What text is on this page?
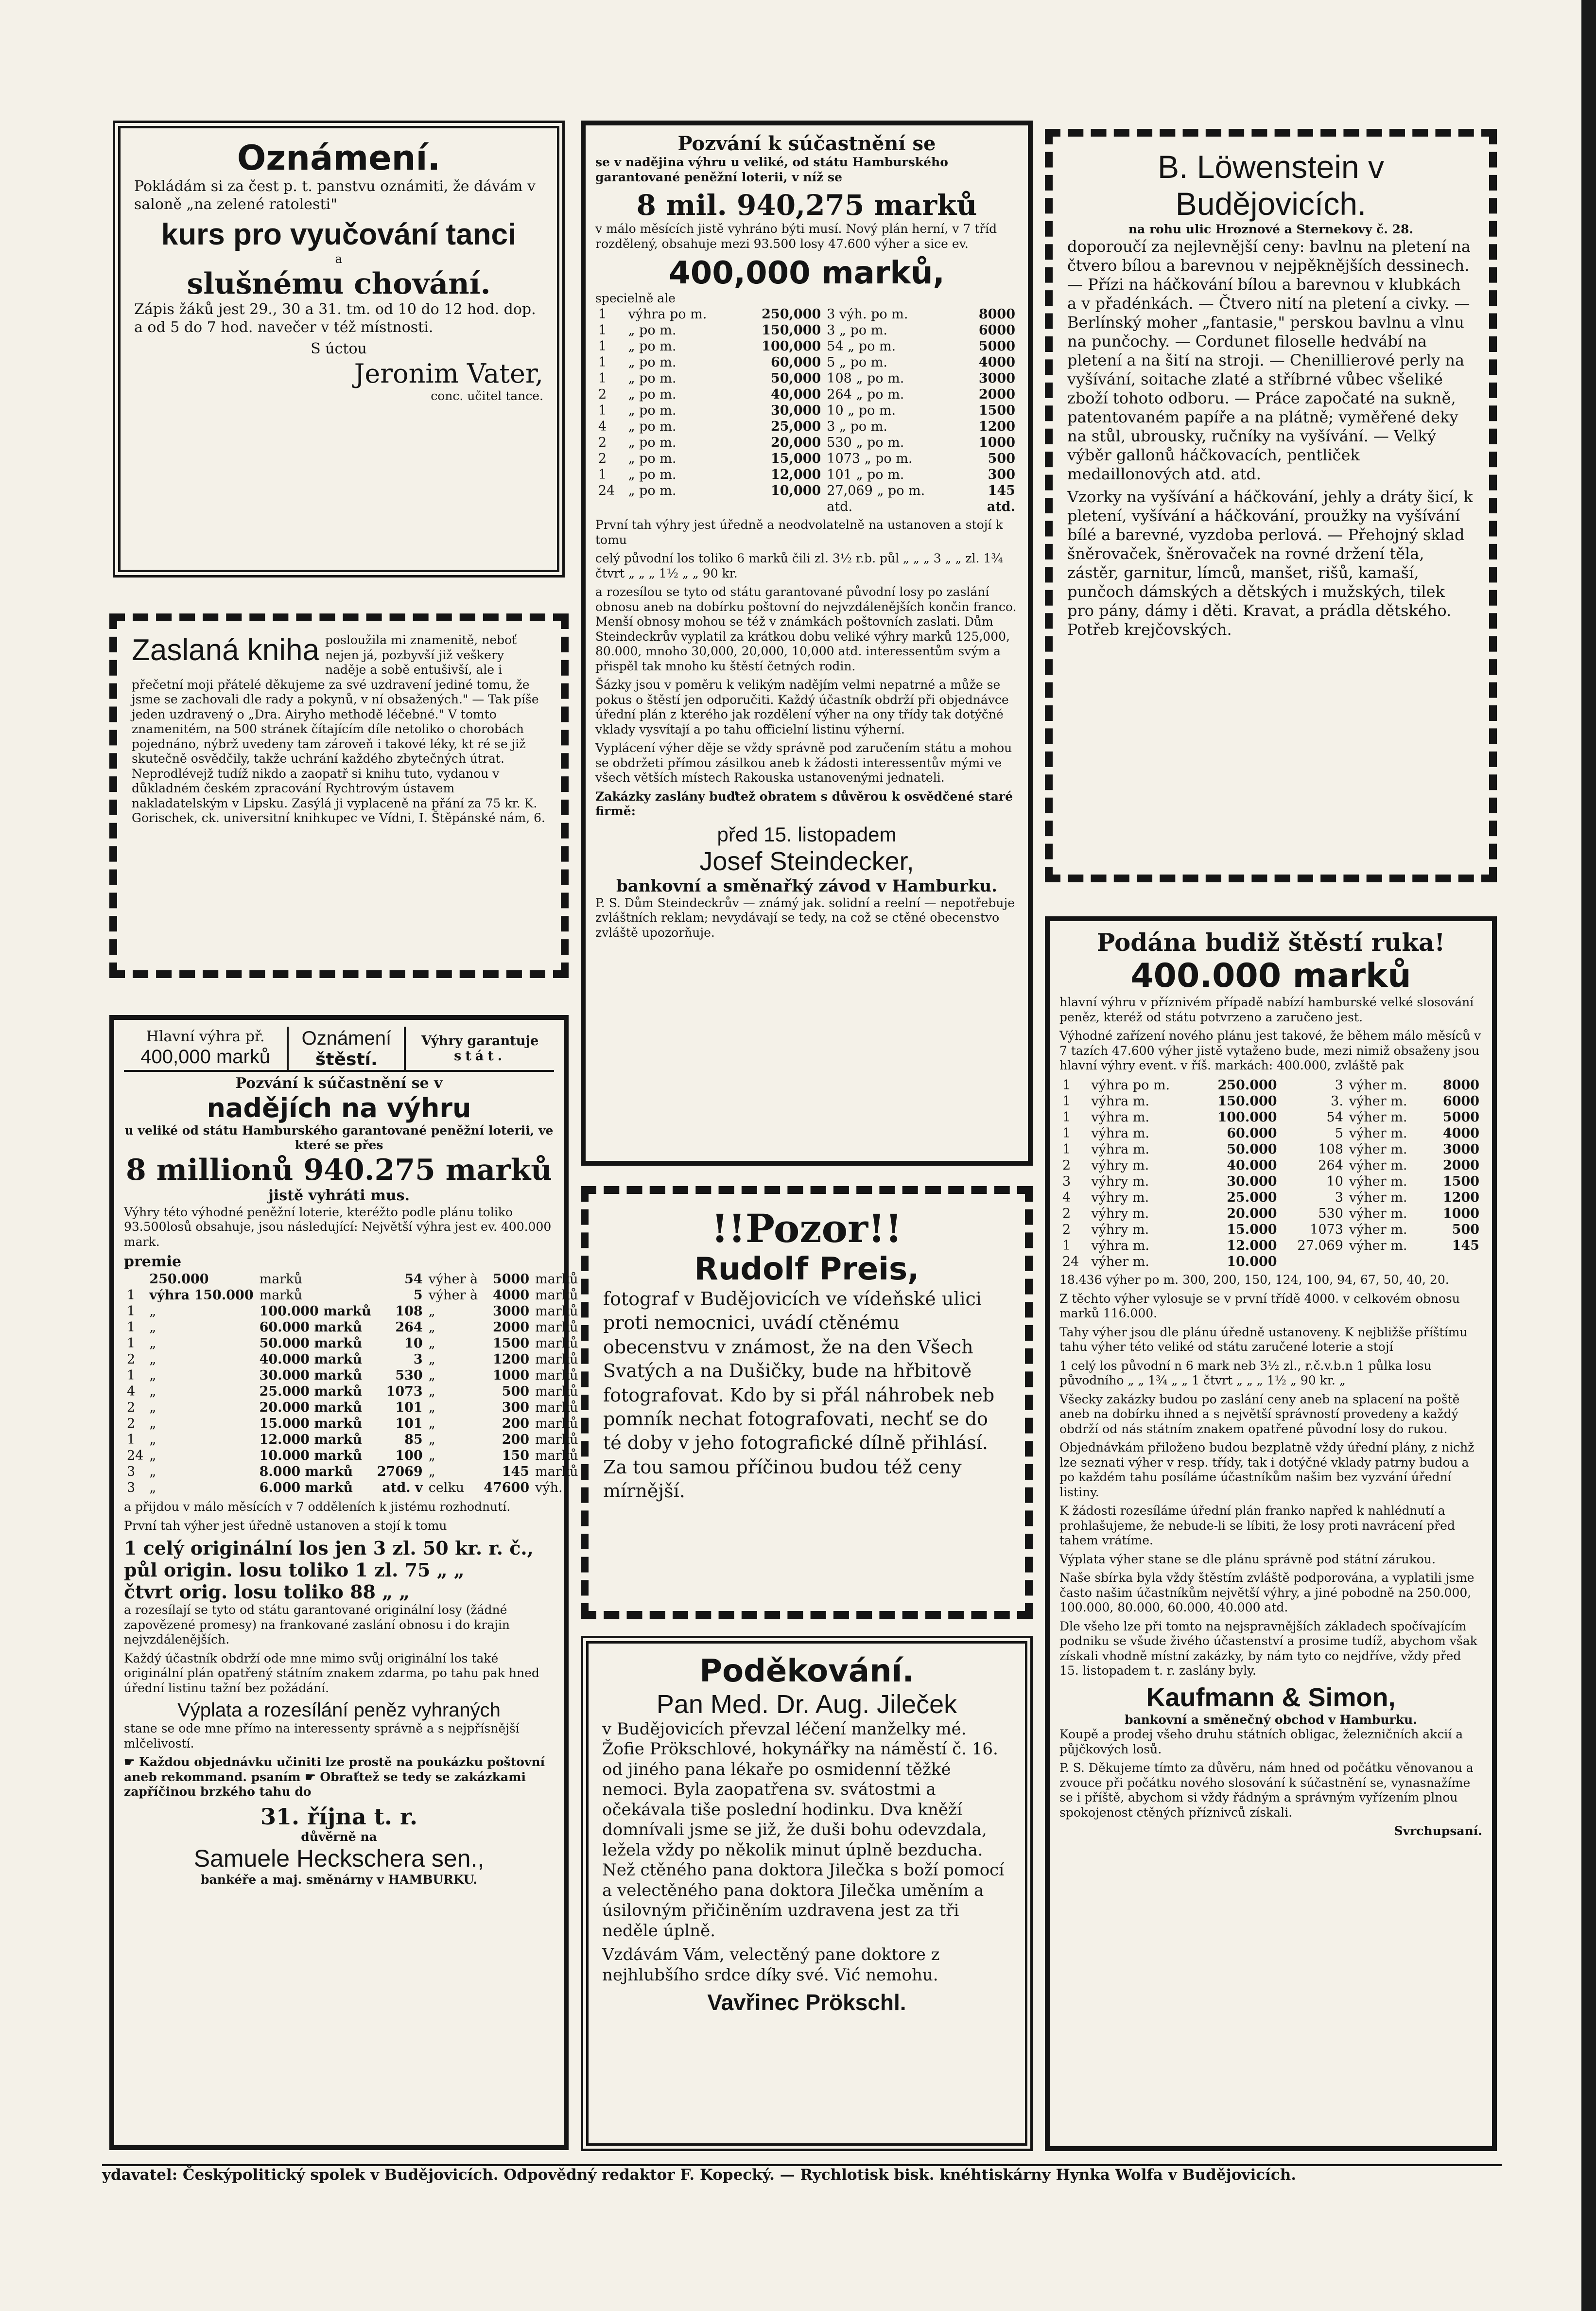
Oznámení.

Pokládám si za čest p. t. panstvu oznámiti, že dávám v saloně „na zelené ratolesti"

kurs pro vyučování tanci
a
slušnému chování.

Zápis žáků jest 29., 30 a 31. tm. od 10 do 12 hod. dop. a od 5 do 7 hod. navečer v též místnosti.

S úctou
Jeronim Vater,
conc. učitel tance.
Zaslaná kniha posloužila mi znamenitě, neboť nejen já, pozbyvší již veškery naděje a sobě entušivší, ale i přečetní moji přátelé děkujeme za své uzdravení jediné tomu, že jsme se zachovali dle rady a pokynů, v ní obsažených." — Tak píše jeden uzdravený o „Dra. Airyho methodě léčebné." V tomto znamenitém, na 500 stránek čítajícím díle netoliko o chorobách pojednáno, nýbrž uvedeny tam zároveň i takové léky, kt ré se již skutečně osvědčily, takže uchrání každého zbytečných útrat. Neprodlévejž tudíž nikdo a zaopatř si knihu tuto, vydanou v důkladném českém zpracování Rychtrovým ústavem nakladatelským v Lipsku. Zasýlá ji vyplaceně na přání za 75 kr. K. Gorischek, ck. universitní knihkupec ve Vídni, I. Štěpánské nám, 6.
Hlavní výhra př.
400,000 marků

Oznámení
štěstí.

Výhry garantuje
stát.
Pozvání k súčastnění se v
nadějích na výhru
u veliké od státu Hamburského garantované peněžní loterii, ve které se přes
8 millionů 940.275 marků
jistě vyhráti mus.

Výhry této výhodné peněžní loterie, kteréžto podle plánu toliko 93.500losů obsahuje, jsou následující: Největší výhra jest ev. 400.000 mark.

premie
	250.000	marků	54	výher à	5000	marků
1	výhra 150.000	marků	5	výher à	4000	marků
1	„	100.000 marků	108	„	3000	marků
1	„	60.000 marků	264	„	2000	marků
1	„	50.000 marků	10	„	1500	marků
2	„	40.000 marků	3	„	1200	marků
1	„	30.000 marků	530	„	1000	marků
4	„	25.000 marků	1073	„	500	marků
2	„	20.000 marků	101	„	300	marků
2	„	15.000 marků	101	„	200	marků
1	„	12.000 marků	85	„	200	marků
24	„	10.000 marků	100	„	150	marků
3	„	8.000 marků	27069	„	145	marků
3	„	6.000 marků	atd. v	celku	47600	výh.

a přijdou v málo měsících v 7 odděleních k jistému rozhodnutí.

První tah výher jest úředně ustanoven a stojí k tomu

1 celý originální los jen 3 zl. 50 kr. r. č.,
půl origin. losu toliko 1 zl. 75 „ „
čtvrt orig. losu toliko 88 „ „

a rozesílají se tyto od státu garantované originální losy (žádné zapovězené promesy) na frankované zaslání obnosu i do krajin nejvzdálenějších.

Každý účastník obdrží ode mne mimo svůj originální los také originální plán opatřený státním znakem zdarma, po tahu pak hned úřední listinu tažní bez požádání.

Výplata a rozesílání peněz vyhraných

stane se ode mne přímo na interessenty správně a s nejpřísnější mlčelivostí.

☛ Každou objednávku učiniti lze prostě na poukázku poštovní aneb rekommand. psaním ☛ Obraťtež se tedy se zakázkami zapříčinou brzkého tahu do

31. října t. r.
důvěrně na
Samuele Heckschera sen.,
bankéře a maj. směnárny v HAMBURKU.
Pozvání k súčastnění se

se v nadějina výhru u veliké, od státu Hamburského garantované peněžní loterii, v níž se

8 mil. 940,275 marků

v málo měsících jistě vyhráno býti musí. Nový plán herní, v 7 tříd rozdělený, obsahuje mezi 93.500 losy 47.600 výher a sice ev.

400,000 marků,
specielně ale
1	výhra po m.	250,000	3 výh. po m.	8000
1	„ po m.	150,000	3 „ po m.	6000
1	„ po m.	100,000	54 „ po m.	5000
1	„ po m.	60,000	5 „ po m.	4000
1	„ po m.	50,000	108 „ po m.	3000
2	„ po m.	40,000	264 „ po m.	2000
1	„ po m.	30,000	10 „ po m.	1500
4	„ po m.	25,000	3 „ po m.	1200
2	„ po m.	20,000	530 „ po m.	1000
2	„ po m.	15,000	1073 „ po m.	500
1	„ po m.	12,000	101 „ po m.	300
24	„ po m.	10,000	27,069 „ po m.	145
			atd.	atd.

První tah výhry jest úředně a neodvolatelně na ustanoven a stojí k tomu

celý původní los toliko 6 marků čili zl. 3½ r.b. půl „ „ „ 3 „ „ zl. 1¾ čtvrt „ „ „ 1½ „ „ 90 kr.

a rozesílou se tyto od státu garantované původní losy po zaslání obnosu aneb na dobírku poštovní do nejvzdálenějších končin franco. Menší obnosy mohou se též v známkách poštovních zaslati. Dům Steindeckrův vyplatil za krátkou dobu veliké výhry marků 125,000, 80.000, mnoho 30,000, 20,000, 10,000 atd. interessentům svým a přispěl tak mnoho ku štěstí četných rodin.

Šázky jsou v poměru k velikým nadějím velmi nepatrné a může se pokus o štěstí jen odporučiti. Každý účastník obdrží při objednávce úřední plán z kterého jak rozdělení výher na ony třídy tak dotýčné vklady vysvítají a po tahu officielní listinu výherní.

Vyplácení výher děje se vždy správně pod zaručením státu a mohou se obdržeti přímou zásilkou aneb k žádosti interessentův mými ve všech větších místech Rakouska ustanovenými jednateli.

Zakázky zaslány buďtež obratem s důvěrou k osvědčené staré firmě:

před 15. listopadem
Josef Steindecker,
bankovní a směnařký závod v Hamburku.

P. S. Dům Steindeckrův — známý jak. solidní a reelní — nepotřebuje zvláštních reklam; nevydávají se tedy, na což se ctěné obecenstvo zvláště upozorňuje.

!!Pozor!!
Rudolf Preis,

fotograf v Budějovicích ve vídeňské ulici proti nemocnici, uvádí ctěnému obecenstvu v známost, že na den Všech Svatých a na Dušičky, bude na hřbitově fotografovat. Kdo by si přál náhrobek neb pomník nechat fotografovati, nechť se do té doby v jeho fotografické dílně přihlásí. Za tou samou příčinou budou též ceny mírnější.

Poděkování.
Pan Med. Dr. Aug. Jileček

v Budějovicích převzal léčení manželky mé. Žofie Prökschlové, hokynářky na náměstí č. 16. od jiného pana lékaře po osmidenní těžké nemoci. Byla zaopatřena sv. svátostmi a očekávala tiše poslední hodinku. Dva kněží domnívali jsme se již, že duši bohu odevzdala, ležela vždy po několik minut úplně bezducha. Než ctěného pana doktora Jilečka s boží pomocí a velectěného pana doktora Jilečka uměním a úsilovným přičiněním uzdravena jest za tři neděle úplně.

Vzdávám Vám, velectěný pane doktore z nejhlubšího srdce díky své. Vić nemohu.

Vavřinec Prökschl.
B. Löwenstein v Budějovicích.
na rohu ulic Hroznové a Sternekovy č. 28.

doporoučí za nejlevnější ceny: bavlnu na pletení na čtvero bílou a barevnou v nejpěknějších dessinech. — Přízi na háčkování bílou a barevnou v klubkách a v přadénkách. — Čtvero nití na pletení a civky. — Berlínský moher „fantasie," perskou bavlnu a vlnu na punčochy. — Cordunet filoselle hedvábí na pletení a na šití na stroji. — Chenillierové perly na vyšívání, soitache zlaté a stříbrné vůbec všeliké zboží tohoto odboru. — Práce započaté na sukně, patentovaném papíře a na plátně; vyměřené deky na stůl, ubrousky, ručníky na vyšívání. — Velký výběr gallonů háčkovacích, pentliček medaillonových atd. atd.

Vzorky na vyšívání a háčkování, jehly a dráty šicí, k pletení, vyšívání a háčkování, proužky na vyšívání bílé a barevné, vyzdoba perlová. — Přehojný sklad šněrovaček, šněrovaček na rovné držení těla, zástěr, garnitur, límců, manšet, rišů, kamaší, punčoch dámských a dětských i mužských, tilek pro pány, dámy i děti. Kravat, a prádla dětského. Potřeb krejčovských.

Podána budiž štěstí ruka!
400.000 marků

hlavní výhru v příznivém případě nabízí hamburské velké slosování peněz, kteréž od státu potvrzeno a zaručeno jest.

Výhodné zařízení nového plánu jest takové, že během málo měsíců v 7 tazích 47.600 výher jistě vytaženo bude, mezi nimiž obsaženy jsou hlavní výhry event. v říš. markách: 400.000, zvláště pak

1	výhra po m.	250.000	3	výher m.	8000
1	výhra m.	150.000	3.	výher m.	6000
1	výhra m.	100.000	54	výher m.	5000
1	výhra m.	60.000	5	výher m.	4000
1	výhra m.	50.000	108	výher m.	3000
2	výhry m.	40.000	264	výher m.	2000
3	výhry m.	30.000	10	výher m.	1500
4	výhry m.	25.000	3	výher m.	1200
2	výhry m.	20.000	530	výher m.	1000
2	výhry m.	15.000	1073	výher m.	500
1	výhra m.	12.000	27.069	výher m.	145
24	výher m.	10.000			

18.436 výher po m. 300, 200, 150, 124, 100, 94, 67, 50, 40, 20.

Z těchto výher vylosuje se v první třídě 4000. v celkovém obnosu marků 116.000.

Tahy výher jsou dle plánu úředně ustanoveny. K nejbližše příštímu tahu výher této veliké od státu zaručené loterie a stojí

1 celý los původní n 6 mark neb 3½ zl., r.č.v.b.n 1 půlka losu původního „ „ 1¾ „ „ 1 čtvrt „ „ „ 1½ „ 90 kr. „

Všecky zakázky budou po zaslání ceny aneb na splacení na poště aneb na dobírku ihned a s největší správností provedeny a každý obdrží od nás státním znakem opatřené původní losy do rukou.

Objednávkám přiloženo budou bezplatně vždy úřední plány, z nichž lze seznati výher v resp. třídy, tak i dotýčné vklady patrny budou a po každém tahu posíláme účastníkům našim bez vyzvání úřední listiny.

K žádosti rozesíláme úřední plán franko napřed k nahlédnutí a prohlašujeme, že nebude-li se líbiti, že losy proti navrácení před tahem vrátíme.

Výplata výher stane se dle plánu správně pod státní zárukou.

Naše sbírka byla vždy štěstím zvláště podporována, a vyplatili jsme často našim účastníkům největší výhry, a jiné pobodně na 250.000, 100.000, 80.000, 60.000, 40.000 atd.

Dle všeho lze při tomto na nejspravnějších základech spočívajícím podniku se všude živého účastenství a prosime tudíž, abychom však získali vhodně místní zakázky, by nám tyto co nejdříve, vždy před 15. listopadem t. r. zaslány byly.

Kaufmann & Simon,
bankovní a směnečný obchod v Hamburku.

Koupě a prodej všeho druhu státních obligac, železničních akcií a půjčkových losů.

P. S. Děkujeme tímto za důvěru, nám hned od počátku věnovanou a zvouce při počátku nového slosování k súčastnění se, vynasnažíme se i příště, abychom si vždy řádným a správným vyřízením plnou spokojenost ctěných příznivců získali.

Svrchupsaní.
ydavatel: Českýpolitický spolek v Budějovicích. Odpovědný redaktor F. Kopecký. — Rychlotisk bisk. knéhtiskárny Hynka Wolfa v Budějovicích.
